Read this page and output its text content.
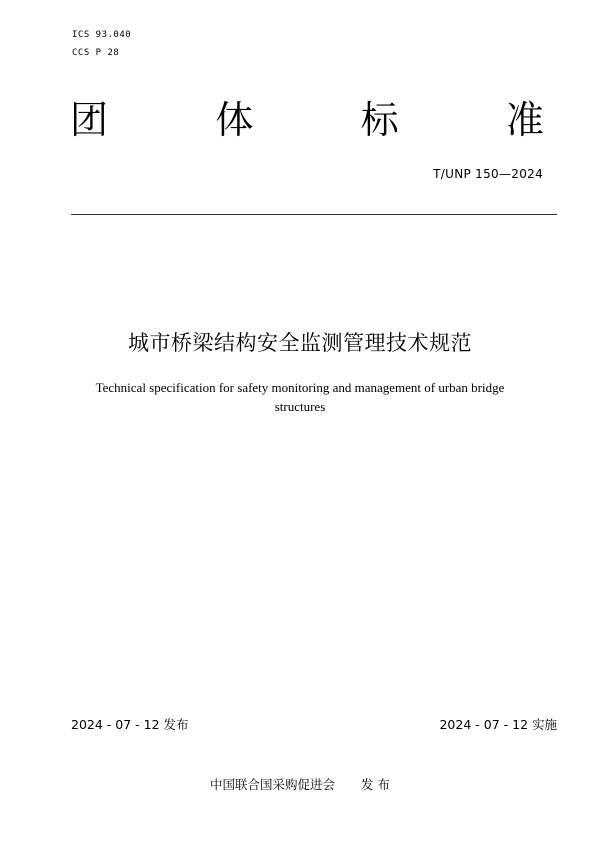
ICS 93.040
CCS P 28
团	体	标	准
T/UNP 150—2024
城市桥梁结构安全监测管理技术规范
Technical specification for safety monitoring and management of urban bridge
structures
2024 - 07 - 12 发布	2024 - 07 - 12 实施
中国联合国采购促进会 发 布
